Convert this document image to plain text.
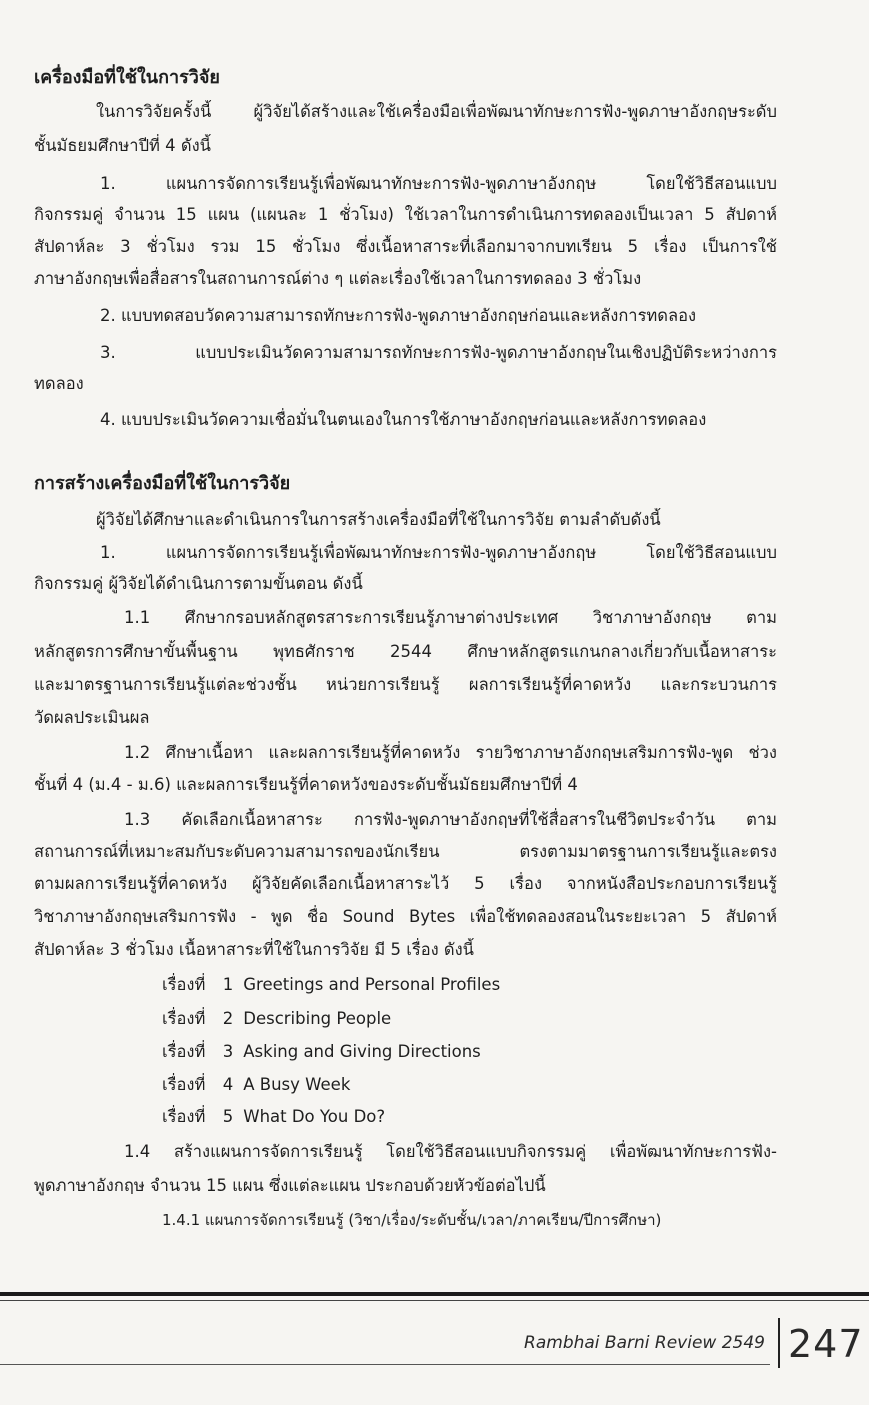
เครื่องมือที่ใช้ในการวิจัย
ในการวิจัยครั้งนี้ ผู้วิจัยได้สร้างและใช้เครื่องมือเพื่อพัฒนาทักษะการฟัง-พูดภาษาอังกฤษระดับ
ชั้นมัธยมศึกษาปีที่ 4 ดังนี้
1. แผนการจัดการเรียนรู้เพื่อพัฒนาทักษะการฟัง-พูดภาษาอังกฤษ โดยใช้วิธีสอนแบบ
กิจกรรมคู่ จำนวน 15 แผน (แผนละ 1 ชั่วโมง) ใช้เวลาในการดำเนินการทดลองเป็นเวลา 5 สัปดาห์
สัปดาห์ละ 3 ชั่วโมง รวม 15 ชั่วโมง ซึ่งเนื้อหาสาระที่เลือกมาจากบทเรียน 5 เรื่อง เป็นการใช้
ภาษาอังกฤษเพื่อสื่อสารในสถานการณ์ต่าง ๆ แต่ละเรื่องใช้เวลาในการทดลอง 3 ชั่วโมง
2. แบบทดสอบวัดความสามารถทักษะการฟัง-พูดภาษาอังกฤษก่อนและหลังการทดลอง
3. แบบประเมินวัดความสามารถทักษะการฟัง-พูดภาษาอังกฤษในเชิงปฏิบัติระหว่างการ
ทดลอง
4. แบบประเมินวัดความเชื่อมั่นในตนเองในการใช้ภาษาอังกฤษก่อนและหลังการทดลอง
การสร้างเครื่องมือที่ใช้ในการวิจัย
ผู้วิจัยได้ศึกษาและดำเนินการในการสร้างเครื่องมือที่ใช้ในการวิจัย ตามลำดับดังนี้
1. แผนการจัดการเรียนรู้เพื่อพัฒนาทักษะการฟัง-พูดภาษาอังกฤษ โดยใช้วิธีสอนแบบ
กิจกรรมคู่ ผู้วิจัยได้ดำเนินการตามขั้นตอน ดังนี้
1.1 ศึกษากรอบหลักสูตรสาระการเรียนรู้ภาษาต่างประเทศ วิชาภาษาอังกฤษ ตาม
หลักสูตรการศึกษาขั้นพื้นฐาน พุทธศักราช 2544 ศึกษาหลักสูตรแกนกลางเกี่ยวกับเนื้อหาสาระ
และมาตรฐานการเรียนรู้แต่ละช่วงชั้น หน่วยการเรียนรู้ ผลการเรียนรู้ที่คาดหวัง และกระบวนการ
วัดผลประเมินผล
1.2 ศึกษาเนื้อหา และผลการเรียนรู้ที่คาดหวัง รายวิชาภาษาอังกฤษเสริมการฟัง-พูด ช่วง
ชั้นที่ 4 (ม.4 - ม.6) และผลการเรียนรู้ที่คาดหวังของระดับชั้นมัธยมศึกษาปีที่ 4
1.3 คัดเลือกเนื้อหาสาระ การฟัง-พูดภาษาอังกฤษที่ใช้สื่อสารในชีวิตประจำวัน ตาม
สถานการณ์ที่เหมาะสมกับระดับความสามารถของนักเรียน ตรงตามมาตรฐานการเรียนรู้และตรง
ตามผลการเรียนรู้ที่คาดหวัง ผู้วิจัยคัดเลือกเนื้อหาสาระไว้ 5 เรื่อง จากหนังสือประกอบการเรียนรู้
วิชาภาษาอังกฤษเสริมการฟัง - พูด ชื่อ Sound Bytes เพื่อใช้ทดลองสอนในระยะเวลา 5 สัปดาห์
สัปดาห์ละ 3 ชั่วโมง เนื้อหาสาระที่ใช้ในการวิจัย มี 5 เรื่อง ดังนี้
เรื่องที่ 1 Greetings and Personal Profiles
เรื่องที่ 2 Describing People
เรื่องที่ 3 Asking and Giving Directions
เรื่องที่ 4 A Busy Week
เรื่องที่ 5 What Do You Do?
1.4 สร้างแผนการจัดการเรียนรู้ โดยใช้วิธีสอนแบบกิจกรรมคู่ เพื่อพัฒนาทักษะการฟัง-
พูดภาษาอังกฤษ จำนวน 15 แผน ซึ่งแต่ละแผน ประกอบด้วยหัวข้อต่อไปนี้
1.4.1 แผนการจัดการเรียนรู้ (วิชา/เรื่อง/ระดับชั้น/เวลา/ภาคเรียน/ปีการศึกษา)
Rambhai Barni Review 2549 247
